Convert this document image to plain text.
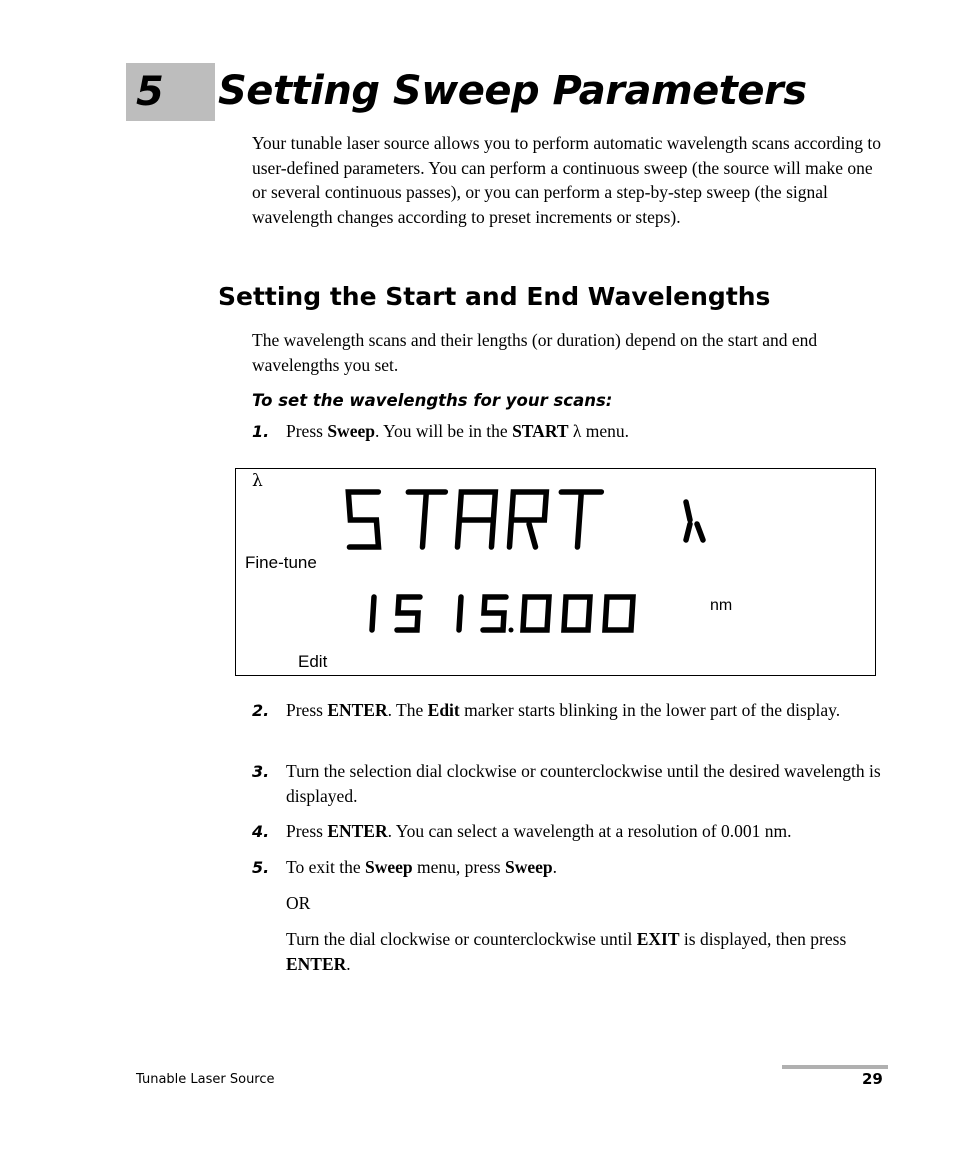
5 Setting Sweep Parameters

Your tunable laser source allows you to perform automatic wavelength scans according to user-defined parameters. You can perform a continuous sweep (the source will make one or several continuous passes), or you can perform a step-by-step sweep (the signal wavelength changes according to preset increments or steps).

Setting the Start and End Wavelengths

The wavelength scans and their lengths (or duration) depend on the start and end wavelengths you set.

To set the wavelengths for your scans:
1. Press Sweep. You will be in the START λ menu.
λ
Fine-tune
nm
Edit
2. Press ENTER. The Edit marker starts blinking in the lower part of the display.
3. Turn the selection dial clockwise or counterclockwise until the desired wavelength is displayed.
4. Press ENTER. You can select a wavelength at a resolution of 0.001 nm.
5. To exit the Sweep menu, press Sweep.
OR
Turn the dial clockwise or counterclockwise until EXIT is displayed, then press ENTER.
Tunable Laser Source	29
